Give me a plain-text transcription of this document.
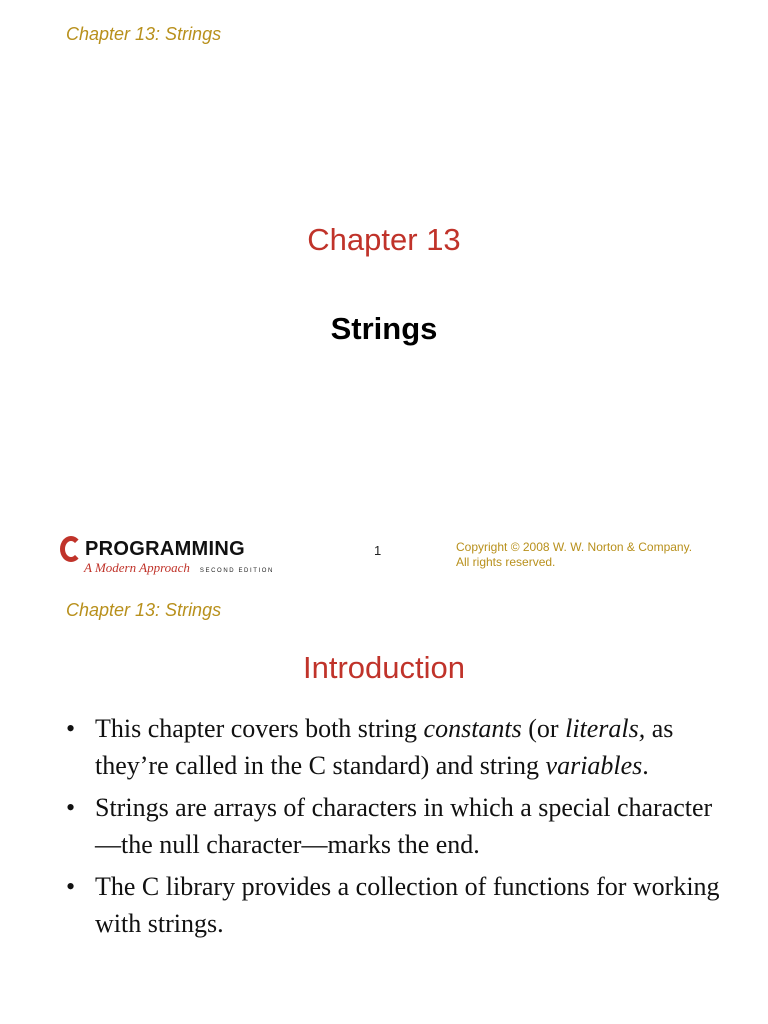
Chapter 13: Strings
Chapter 13
Strings
PROGRAMMING
A Modern Approach SECOND EDITION
1	Copyright © 2008 W. W. Norton & Company.
All rights reserved.
Chapter 13: Strings
Introduction
• This chapter covers both string constants (or literals, as they’re called in the C standard) and string variables.
• Strings are arrays of characters in which a special character—the null character—marks the end.
• The C library provides a collection of functions for working with strings.
